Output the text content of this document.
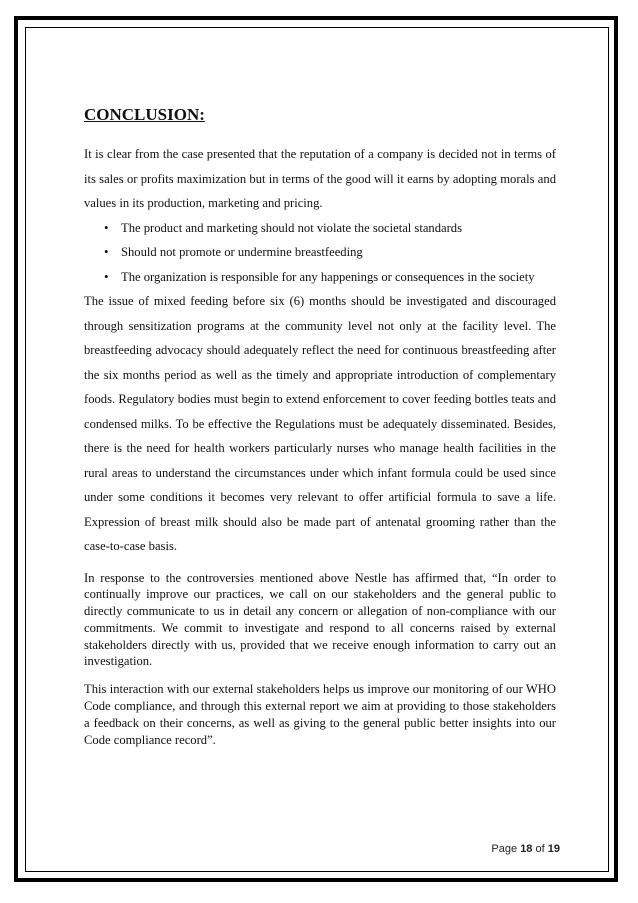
CONCLUSION:

It is clear from the case presented that the reputation of a company is decided not in terms of its sales or profits maximization but in terms of the good will it earns by adopting morals and values in its production, marketing and pricing.

• The product and marketing should not violate the societal standards
• Should not promote or undermine breastfeeding
• The organization is responsible for any happenings or consequences in the society

The issue of mixed feeding before six (6) months should be investigated and discouraged through sensitization programs at the community level not only at the facility level. The breastfeeding advocacy should adequately reflect the need for continuous breastfeeding after the six months period as well as the timely and appropriate introduction of complementary foods. Regulatory bodies must begin to extend enforcement to cover feeding bottles teats and condensed milks. To be effective the Regulations must be adequately disseminated. Besides, there is the need for health workers particularly nurses who manage health facilities in the rural areas to understand the circumstances under which infant formula could be used since under some conditions it becomes very relevant to offer artificial formula to save a life. Expression of breast milk should also be made part of antenatal grooming rather than the case-to-case basis.

In response to the controversies mentioned above Nestle has affirmed that, “In order to continually improve our practices, we call on our stakeholders and the general public to directly communicate to us in detail any concern or allegation of non-compliance with our commitments. We commit to investigate and respond to all concerns raised by external stakeholders directly with us, provided that we receive enough information to carry out an investigation.

This interaction with our external stakeholders helps us improve our monitoring of our WHO Code compliance, and through this external report we aim at providing to those stakeholders a feedback on their concerns, as well as giving to the general public better insights into our Code compliance record”.

Page 18 of 19
